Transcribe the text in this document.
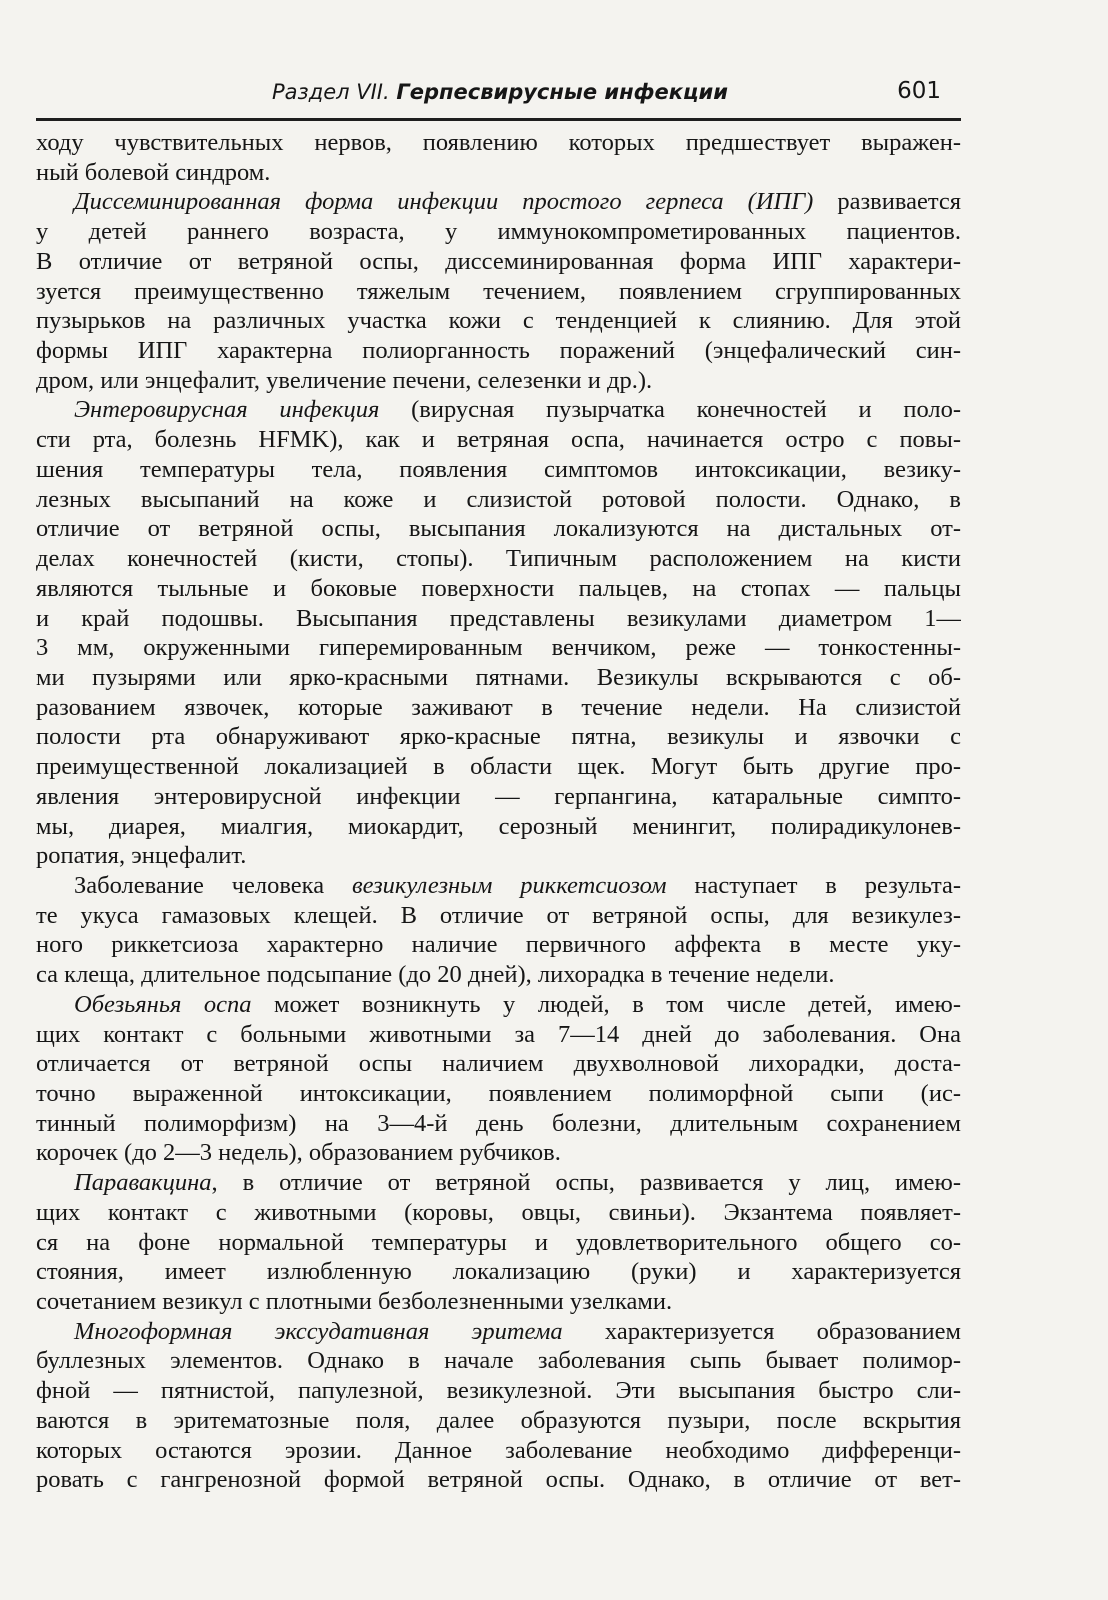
Раздел VII. Герпесвирусные инфекции	601
ходу чувствительных нервов, появлению которых предшествует выражен-
ный болевой синдром.
Диссеминированная форма инфекции простого герпеса (ИПГ) развивается
у детей раннего возраста, у иммунокомпрометированных пациентов.
В отличие от ветряной оспы, диссеминированная форма ИПГ характери-
зуется преимущественно тяжелым течением, появлением сгруппированных
пузырьков на различных участка кожи с тенденцией к слиянию. Для этой
формы ИПГ характерна полиорганность поражений (энцефалический син-
дром, или энцефалит, увеличение печени, селезенки и др.).
Энтеровирусная инфекция (вирусная пузырчатка конечностей и поло-
сти рта, болезнь HFMK), как и ветряная оспа, начинается остро с повы-
шения температуры тела, появления симптомов интоксикации, везику-
лезных высыпаний на коже и слизистой ротовой полости. Однако, в
отличие от ветряной оспы, высыпания локализуются на дистальных от-
делах конечностей (кисти, стопы). Типичным расположением на кисти
являются тыльные и боковые поверхности пальцев, на стопах — пальцы
и край подошвы. Высыпания представлены везикулами диаметром 1—
3 мм, окруженными гиперемированным венчиком, реже — тонкостенны-
ми пузырями или ярко-красными пятнами. Везикулы вскрываются с об-
разованием язвочек, которые заживают в течение недели. На слизистой
полости рта обнаруживают ярко-красные пятна, везикулы и язвочки с
преимущественной локализацией в области щек. Могут быть другие про-
явления энтеровирусной инфекции — герпангина, катаральные симпто-
мы, диарея, миалгия, миокардит, серозный менингит, полирадикулонев-
ропатия, энцефалит.
Заболевание человека везикулезным риккетсиозом наступает в результа-
те укуса гамазовых клещей. В отличие от ветряной оспы, для везикулез-
ного риккетсиоза характерно наличие первичного аффекта в месте уку-
са клеща, длительное подсыпание (до 20 дней), лихорадка в течение недели.
Обезьянья оспа может возникнуть у людей, в том числе детей, имею-
щих контакт с больными животными за 7—14 дней до заболевания. Она
отличается от ветряной оспы наличием двухволновой лихорадки, доста-
точно выраженной интоксикации, появлением полиморфной сыпи (ис-
тинный полиморфизм) на 3—4-й день болезни, длительным сохранением
корочек (до 2—3 недель), образованием рубчиков.
Паравакцина, в отличие от ветряной оспы, развивается у лиц, имею-
щих контакт с животными (коровы, овцы, свиньи). Экзантема появляет-
ся на фоне нормальной температуры и удовлетворительного общего со-
стояния, имеет излюбленную локализацию (руки) и характеризуется
сочетанием везикул с плотными безболезненными узелками.
Многоформная экссудативная эритема характеризуется образованием
буллезных элементов. Однако в начале заболевания сыпь бывает полимор-
фной — пятнистой, папулезной, везикулезной. Эти высыпания быстро сли-
ваются в эритематозные поля, далее образуются пузыри, после вскрытия
которых остаются эрозии. Данное заболевание необходимо дифференци-
ровать с гангренозной формой ветряной оспы. Однако, в отличие от вет-
